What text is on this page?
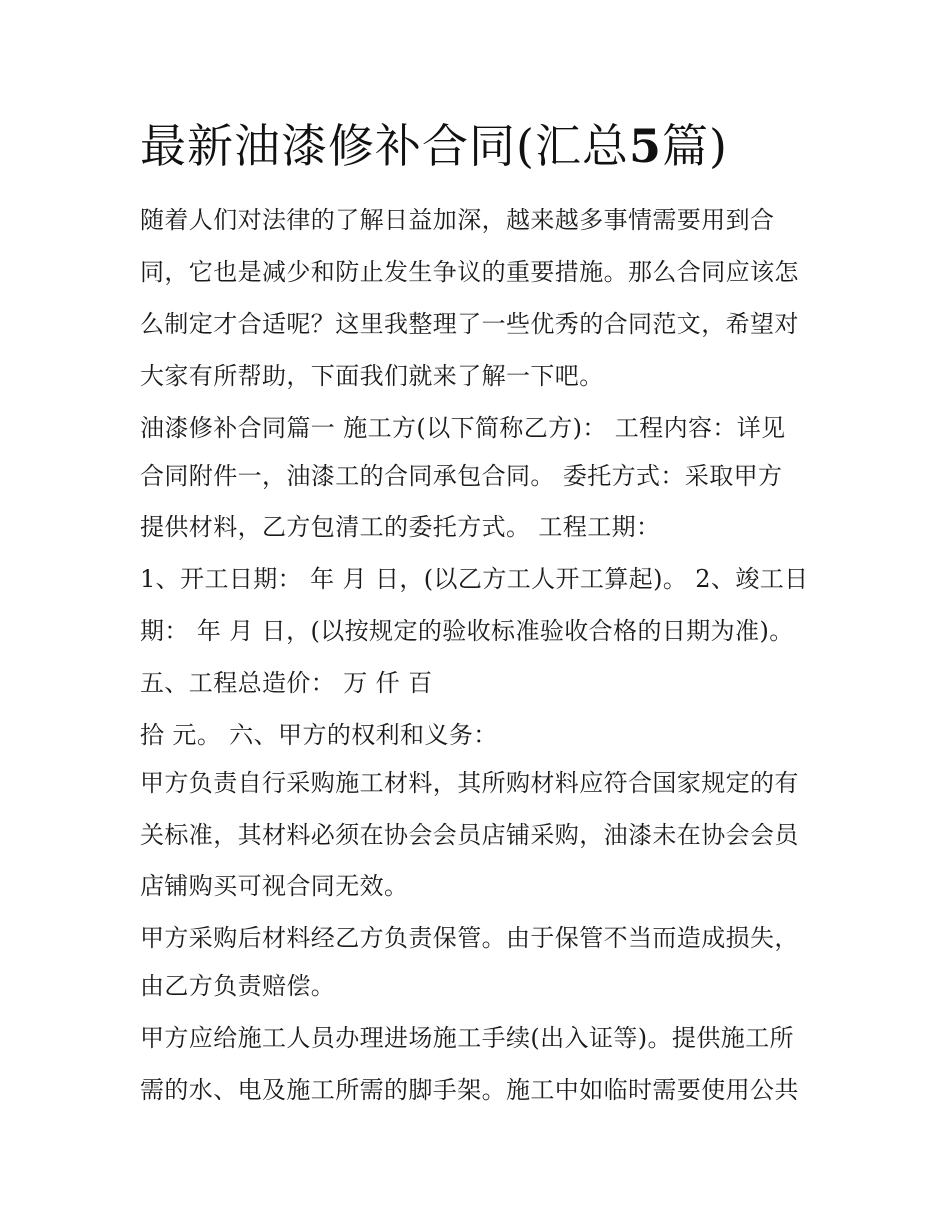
最新油漆修补合同(汇总5篇)

随着人们对法律的了解日益加深，越来越多事情需要用到合

同，它也是减少和防止发生争议的重要措施。那么合同应该怎

么制定才合适呢？这里我整理了一些优秀的合同范文，希望对

大家有所帮助，下面我们就来了解一下吧。

油漆修补合同篇一 施工方(以下简称乙方)： 工程内容：详见

合同附件一，油漆工的合同承包合同。 委托方式：采取甲方

提供材料，乙方包清工的委托方式。 工程工期：

1、开工日期： 年 月 日，(以乙方工人开工算起)。 2、竣工日

期： 年 月 日，(以按规定的验收标准验收合格的日期为准)。

五、工程总造价： 万 仟 百

拾 元。 六、甲方的权利和义务：

甲方负责自行采购施工材料，其所购材料应符合国家规定的有

关标准，其材料必须在协会会员店铺采购，油漆未在协会会员

店铺购买可视合同无效。

甲方采购后材料经乙方负责保管。由于保管不当而造成损失，

由乙方负责赔偿。

甲方应给施工人员办理进场施工手续(出入证等)。提供施工所

需的水、电及施工所需的脚手架。施工中如临时需要使用公共
